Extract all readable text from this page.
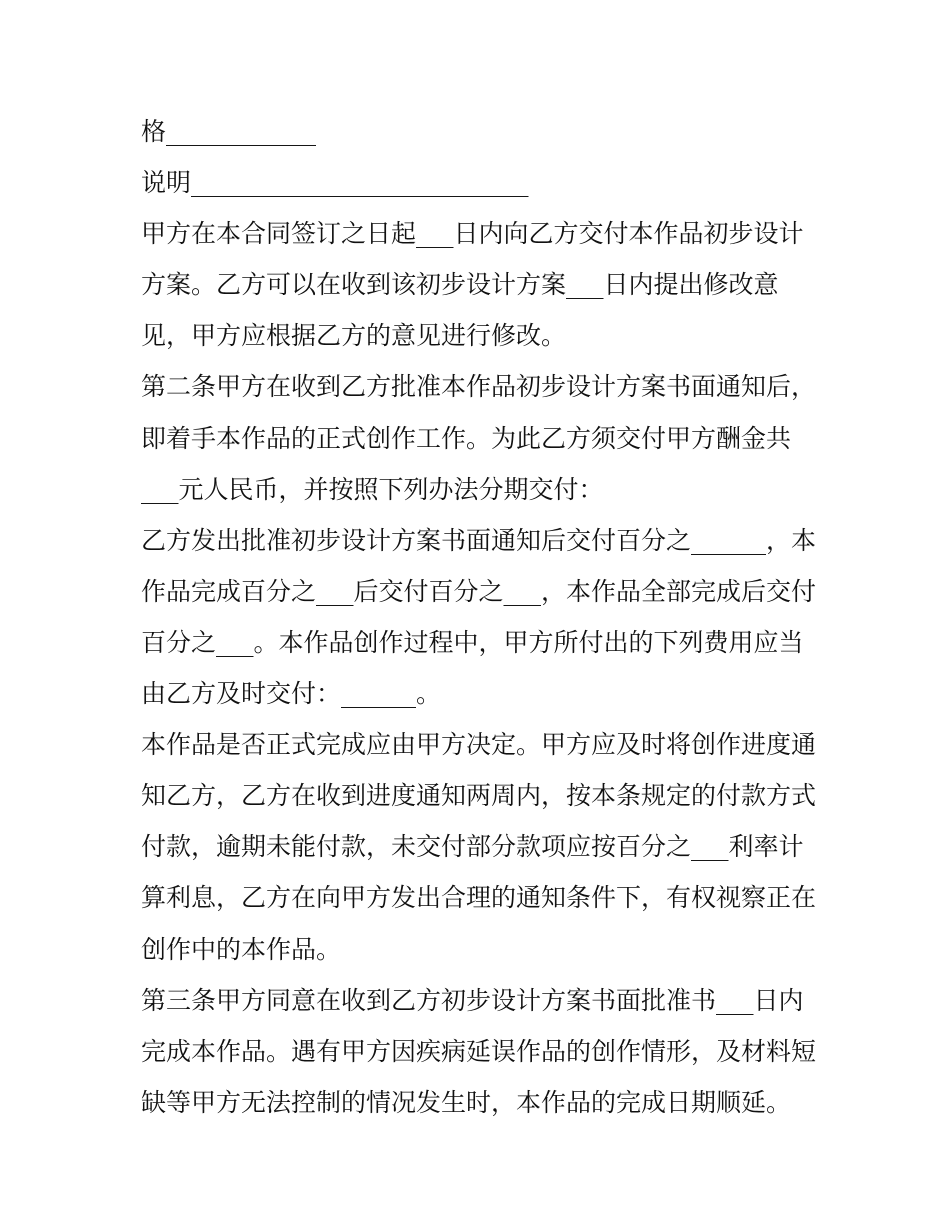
格____________
说明___________________________
甲方在本合同签订之日起___日内向乙方交付本作品初步设计
方案。乙方可以在收到该初步设计方案___日内提出修改意
见，甲方应根据乙方的意见进行修改。
第二条甲方在收到乙方批准本作品初步设计方案书面通知后，
即着手本作品的正式创作工作。为此乙方须交付甲方酬金共
___元人民币，并按照下列办法分期交付：
乙方发出批准初步设计方案书面通知后交付百分之______，本
作品完成百分之___后交付百分之___，本作品全部完成后交付
百分之___。本作品创作过程中，甲方所付出的下列费用应当
由乙方及时交付：______。
本作品是否正式完成应由甲方决定。甲方应及时将创作进度通
知乙方，乙方在收到进度通知两周内，按本条规定的付款方式
付款，逾期未能付款，未交付部分款项应按百分之___利率计
算利息，乙方在向甲方发出合理的通知条件下，有权视察正在
创作中的本作品。
第三条甲方同意在收到乙方初步设计方案书面批准书___日内
完成本作品。遇有甲方因疾病延误作品的创作情形，及材料短
缺等甲方无法控制的情况发生时，本作品的完成日期顺延。
